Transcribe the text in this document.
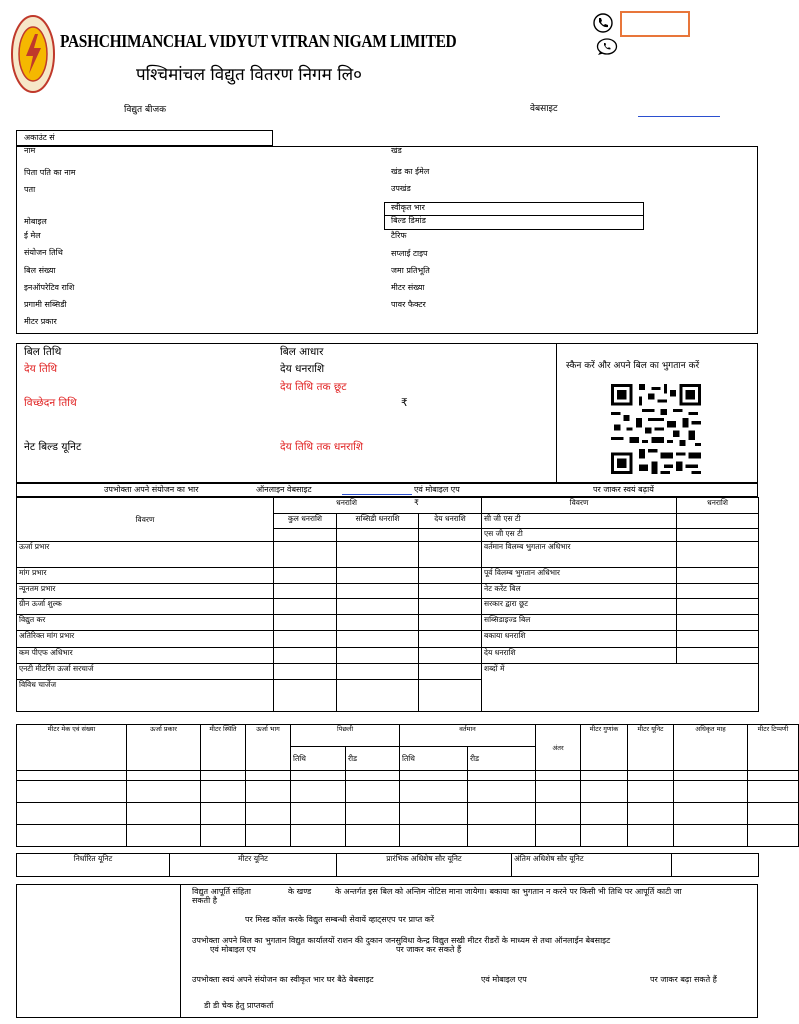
PASHCHIMANCHAL VIDYUT VITRAN NIGAM LIMITED
पश्चिमांचल विद्युत वितरण निगम लि०
विद्युत बीजक	वेबसाइट
अकाउंट सं
नाम
पिता पति का नाम
पता
मोबाइल
ई मेल
संयोजन तिथि
बिल संख्या
इनऑपरेटिव राशि
प्रगामी सब्सिडी
मीटर प्रकार
खंड
खंड का ईमेल
उपखंड
स्वीकृत भार
बिल्ड डिमांड
टैरिफ
सप्लाई टाइप
जमा प्रतिभूति
मीटर संख्या
पावर फैक्टर
बिल तिथि
देय तिथि
विच्छेदन तिथि
नेट बिल्ड यूनिट
बिल आधार
देय धनराशि
देय तिथि तक छूट
₹
देय तिथि तक धनराशि
स्कैन करें और अपने बिल का भुगतान करें
उपभोक्ता अपने संयोजन का भार	ऑनलाइन वेबसाइट	एवं मोबाइल एप	पर जाकर स्वयं बढ़ायें
विवरण	धनराशि ₹			विवरण	धनराशि
	कुल धनराशि	सब्सिडी धनराशि	देय धनराशि	सी जी एस टी	
				एस जी एस टी	
ऊर्जा प्रभार				वर्तमान विलम्ब भुगतान अधिभार	
मांग प्रभार				पूर्व विलम्ब भुगतान अधिभार	
न्यूनतम प्रभार				नेट करेंट बिल	
ग्रीन ऊर्जा शुल्क				सरकार द्वारा छूट	
विद्युत कर				सब्सिडाइज्ड बिल	
अतिरिक्त मांग प्रभार				बकाया धनराशि	
कम पीएफ अधिभार				देय धनराशि	
एनटी मीटरिंग ऊर्जा सरचार्ज				शब्दों में	
विविध चार्जेज					
मीटर मेक एवं संख्या	ऊर्जा प्रकार	मीटर स्थिति	ऊर्जा भाग	पिछली		वर्तमान		अंतर	मीटर गुणांक	मीटर यूनिट	अधिकृत माह	मीटर टिप्पणी
				तिथि	रीड	तिथि	रीड					

निर्धारित यूनिट	मीटर यूनिट	प्रारंभिक अधिशेष सौर यूनिट		अंतिम अधिशेष सौर यूनिट
विद्युत आपूर्ति संहिता	के खण्ड	के अन्तर्गत इस बिल को अन्तिम नोटिस माना जायेगा। बकाया का भुगतान न करने पर किसी भी तिथि पर आपूर्ति काटी जा
सकती है
पर मिस्ड कॉल करके विद्युत सम्बन्धी सेवायें व्हाट्सएप पर प्राप्त करें
उपभोक्ता अपने बिल का भुगतान विद्युत कार्यालयों राशन की दुकान जनसुविधा केन्द्र विद्युत सखी मीटर रीडरों के माध्यम से तथा ऑनलाईन बेबसाइट
एवं मोबाइल एप	पर जाकर कर सकते हैं
उपभोक्ता स्वयं अपने संयोजन का स्वीकृत भार घर बैठे बेबसाइट	एवं मोबाइल एप	पर जाकर बढ़ा सकते हैं
डी डी चेक हेतु प्राप्तकर्ता
